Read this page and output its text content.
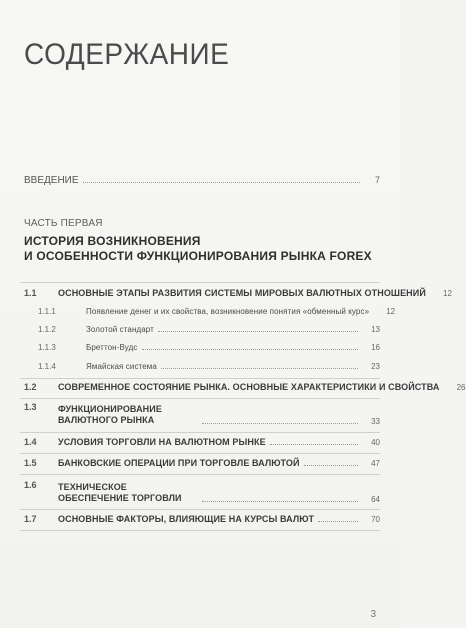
СОДЕРЖАНИЕ
ВВЕДЕНИЕ	7
ЧАСТЬ ПЕРВАЯ
ИСТОРИЯ ВОЗНИКНОВЕНИЯ
И ОСОБЕННОСТИ ФУНКЦИОНИРОВАНИЯ РЫНКА FOREX
1.1	ОСНОВНЫЕ ЭТАПЫ РАЗВИТИЯ СИСТЕМЫ МИРОВЫХ ВАЛЮТНЫХ ОТНОШЕНИЙ	12
1.1.1	Появление денег и их свойства, возникновение понятия «обменный курс»	12
1.1.2	Золотой стандарт	13
1.1.3	Бреттон-Вудс	16
1.1.4	Ямайская система	23
1.2	СОВРЕМЕННОЕ СОСТОЯНИЕ РЫНКА. ОСНОВНЫЕ ХАРАКТЕРИСТИКИ И СВОЙСТВА	26
1.3	ФУНКЦИОНИРОВАНИЕ
ВАЛЮТНОГО РЫНКА	33
1.4	УСЛОВИЯ ТОРГОВЛИ НА ВАЛЮТНОМ РЫНКЕ	40
1.5	БАНКОВСКИЕ ОПЕРАЦИИ ПРИ ТОРГОВЛЕ ВАЛЮТОЙ	47
1.6	ТЕХНИЧЕСКОЕ
ОБЕСПЕЧЕНИЕ ТОРГОВЛИ	64
1.7	ОСНОВНЫЕ ФАКТОРЫ, ВЛИЯЮЩИЕ НА КУРСЫ ВАЛЮТ	70
3
